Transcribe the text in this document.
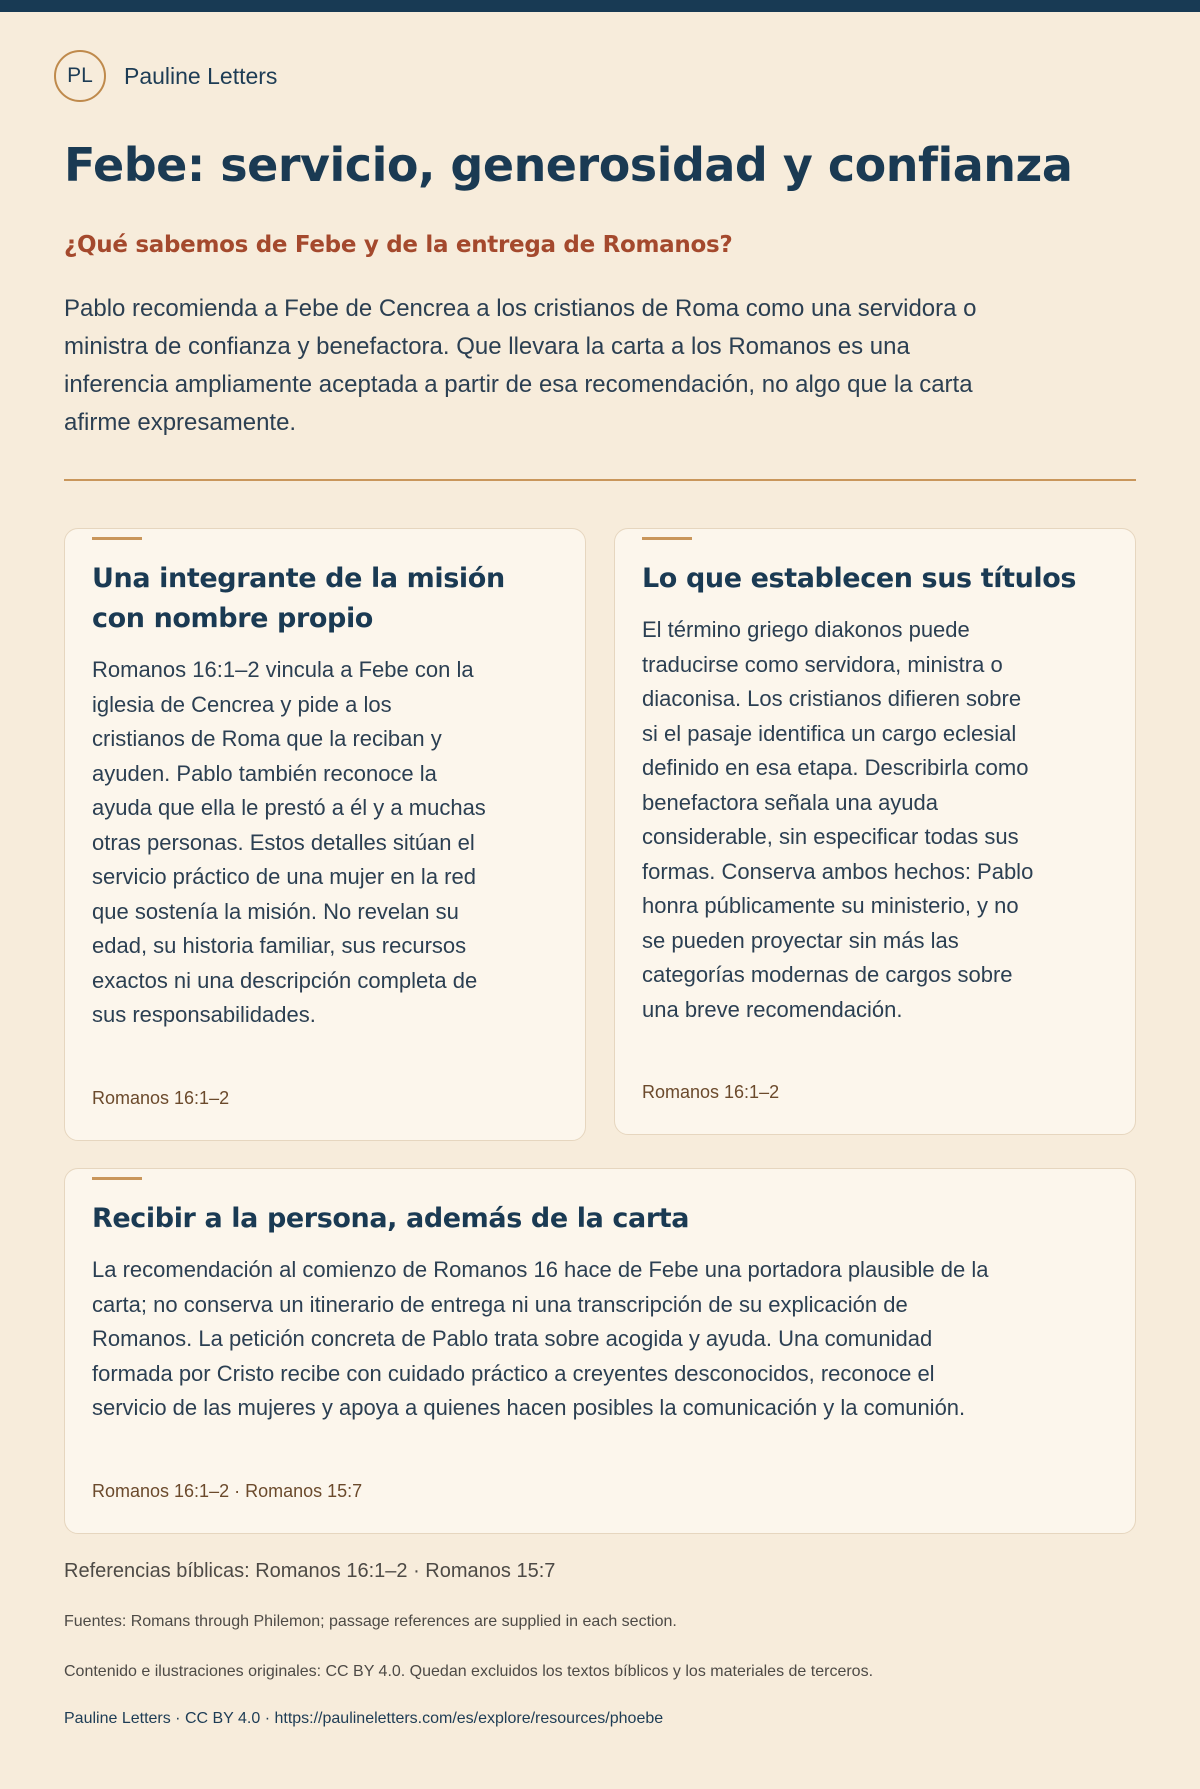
PL Pauline Letters
Febe: servicio, generosidad y confianza
¿Qué sabemos de Febe y de la entrega de Romanos?

Pablo recomienda a Febe de Cencrea a los cristianos de Roma como una servidora o ministra de confianza y benefactora. Que llevara la carta a los Romanos es una inferencia ampliamente aceptada a partir de esa recomendación, no algo que la carta afirme expresamente.

Una integrante de la misión con nombre propio

Romanos 16:1–2 vincula a Febe con la iglesia de Cencrea y pide a los cristianos de Roma que la reciban y ayuden. Pablo también reconoce la ayuda que ella le prestó a él y a muchas otras personas. Estos detalles sitúan el servicio práctico de una mujer en la red que sostenía la misión. No revelan su edad, su historia familiar, sus recursos exactos ni una descripción completa de sus responsabilidades.

Romanos 16:1–2
Lo que establecen sus títulos

El término griego diakonos puede traducirse como servidora, ministra o diaconisa. Los cristianos difieren sobre si el pasaje identifica un cargo eclesial definido en esa etapa. Describirla como benefactora señala una ayuda considerable, sin especificar todas sus formas. Conserva ambos hechos: Pablo honra públicamente su ministerio, y no se pueden proyectar sin más las categorías modernas de cargos sobre una breve recomendación.

Romanos 16:1–2
Recibir a la persona, además de la carta

La recomendación al comienzo de Romanos 16 hace de Febe una portadora plausible de la carta; no conserva un itinerario de entrega ni una transcripción de su explicación de Romanos. La petición concreta de Pablo trata sobre acogida y ayuda. Una comunidad formada por Cristo recibe con cuidado práctico a creyentes desconocidos, reconoce el servicio de las mujeres y apoya a quienes hacen posibles la comunicación y la comunión.

Romanos 16:1–2 · Romanos 15:7
Referencias bíblicas: Romanos 16:1–2 · Romanos 15:7
Fuentes: Romans through Philemon; passage references are supplied in each section.
Contenido e ilustraciones originales: CC BY 4.0. Quedan excluidos los textos bíblicos y los materiales de terceros.
Pauline Letters · CC BY 4.0 · https://paulineletters.com/es/explore/resources/phoebe
